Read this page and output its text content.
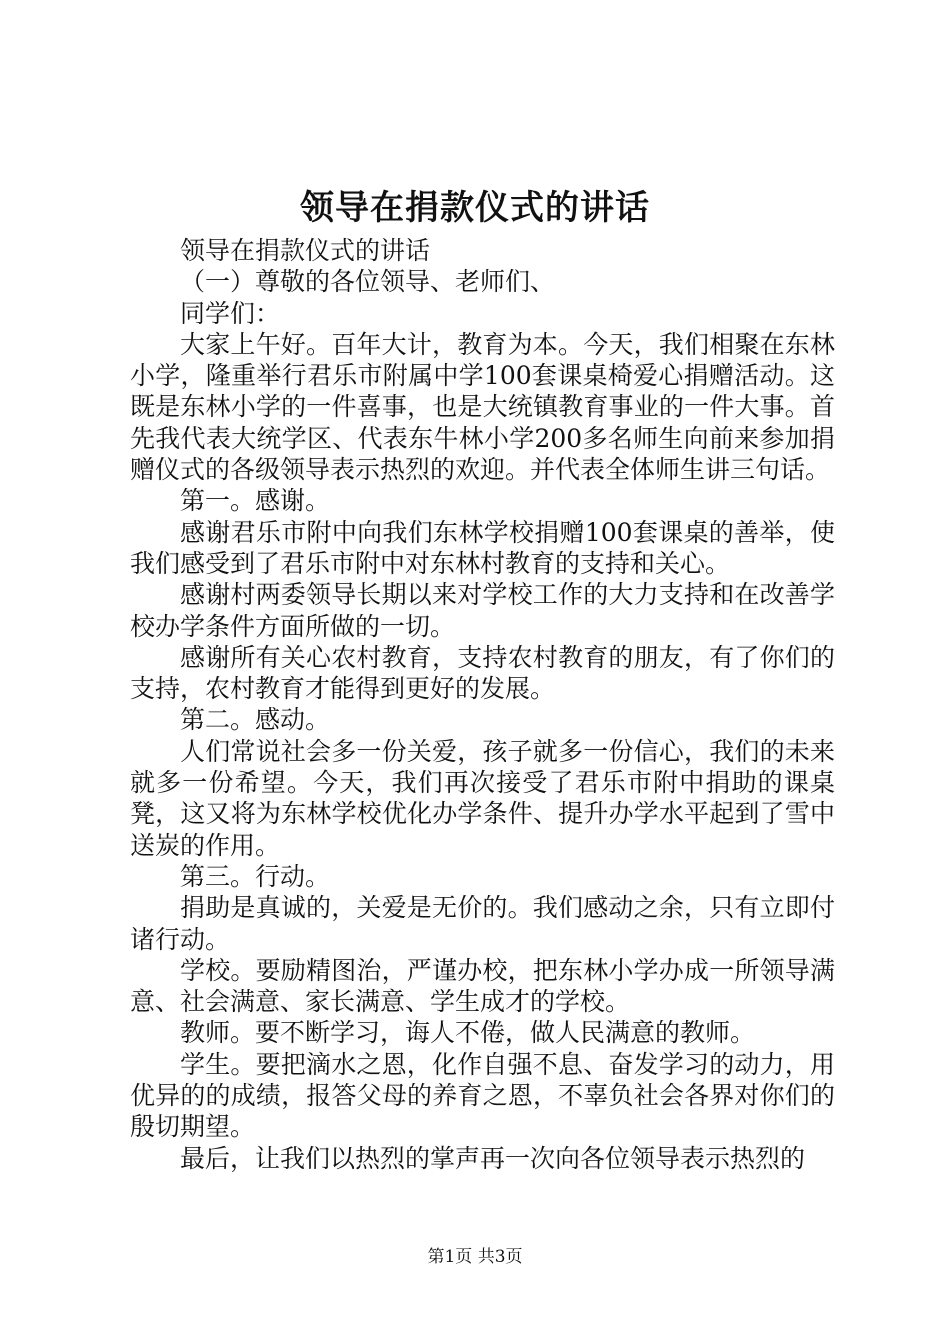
领导在捐款仪式的讲话

领导在捐款仪式的讲话

（一）尊敬的各位领导、老师们、

同学们：

大家上午好。百年大计，教育为本。今天，我们相聚在东林小学，隆重举行君乐市附属中学100套课桌椅爱心捐赠活动。这既是东林小学的一件喜事，也是大统镇教育事业的一件大事。首先我代表大统学区、代表东牛林小学200多名师生向前来参加捐赠仪式的各级领导表示热烈的欢迎。并代表全体师生讲三句话。

第一。感谢。

感谢君乐市附中向我们东林学校捐赠100套课桌的善举，使我们感受到了君乐市附中对东林村教育的支持和关心。

感谢村两委领导长期以来对学校工作的大力支持和在改善学校办学条件方面所做的一切。

感谢所有关心农村教育，支持农村教育的朋友，有了你们的支持，农村教育才能得到更好的发展。

第二。感动。

人们常说社会多一份关爱，孩子就多一份信心，我们的未来就多一份希望。今天，我们再次接受了君乐市附中捐助的课桌凳，这又将为东林学校优化办学条件、提升办学水平起到了雪中送炭的作用。

第三。行动。

捐助是真诚的，关爱是无价的。我们感动之余，只有立即付诸行动。

学校。要励精图治，严谨办校，把东林小学办成一所领导满意、社会满意、家长满意、学生成才的学校。

教师。要不断学习，诲人不倦，做人民满意的教师。

学生。要把滴水之恩，化作自强不息、奋发学习的动力，用优异的的成绩，报答父母的养育之恩，不辜负社会各界对你们的殷切期望。

最后，让我们以热烈的掌声再一次向各位领导表示热烈的

第1页 共3页
